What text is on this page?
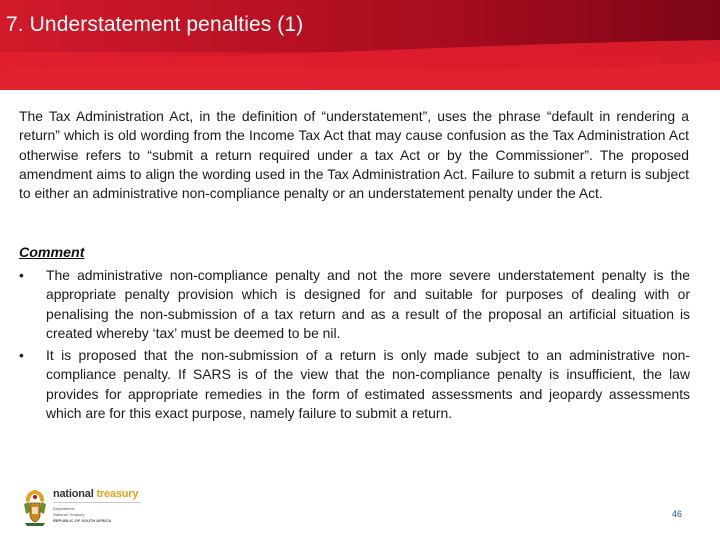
7. Understatement penalties (1)

The Tax Administration Act, in the definition of “understatement”, uses the phrase “default in rendering a return” which is old wording from the Income Tax Act that may cause confusion as the Tax Administration Act otherwise refers to “submit a return required under a tax Act or by the Commissioner”. The proposed amendment aims to align the wording used in the Tax Administration Act. Failure to submit a return is subject to either an administrative non-compliance penalty or an understatement penalty under the Act.

Comment
• The administrative non-compliance penalty and not the more severe understatement penalty is the appropriate penalty provision which is designed for and suitable for purposes of dealing with or penalising the non-submission of a tax return and as a result of the proposal an artificial situation is created whereby ‘tax’ must be deemed to be nil.
• It is proposed that the non-submission of a return is only made subject to an administrative non-compliance penalty. If SARS is of the view that the non-compliance penalty is insufficient, the law provides for appropriate remedies in the form of estimated assessments and jeopardy assessments which are for this exact purpose, namely failure to submit a return.
national treasury
Department:
National Treasury
REPUBLIC OF SOUTH AFRICA
46
